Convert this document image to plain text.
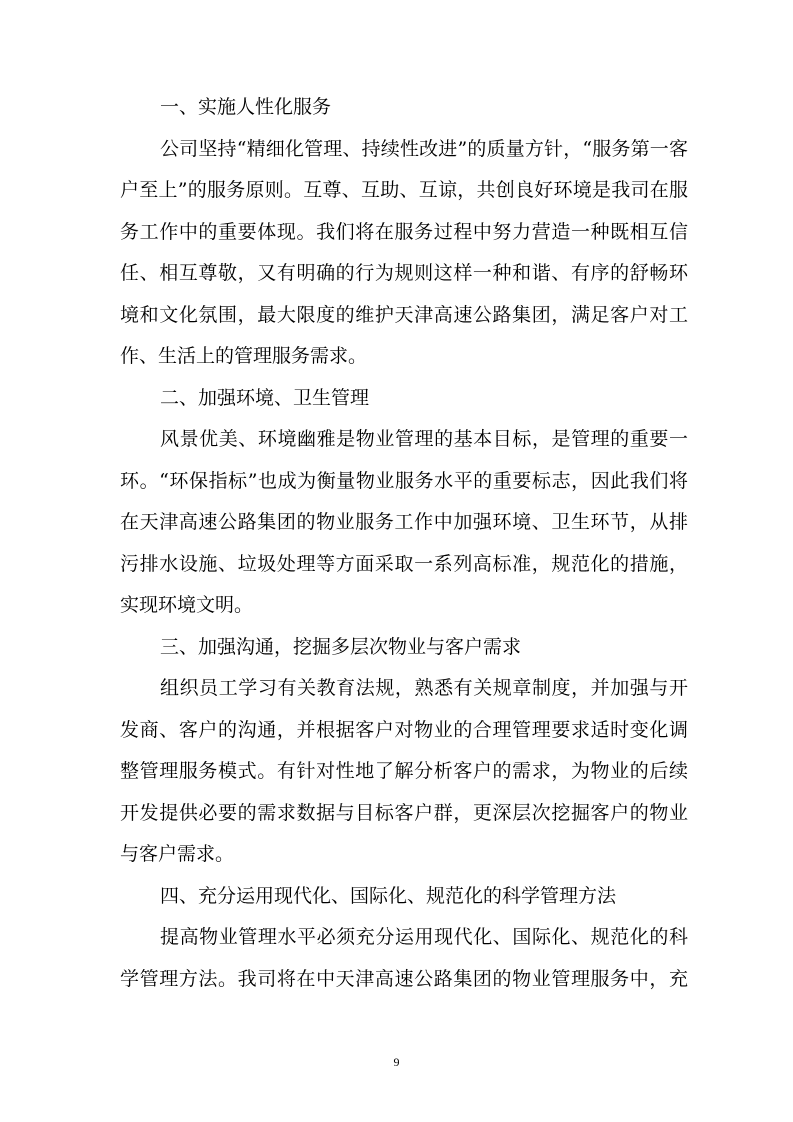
一、实施人性化服务
公司坚持“精细化管理、持续性改进”的质量方针，“服务第一客
户至上”的服务原则。互尊、互助、互谅，共创良好环境是我司在服
务工作中的重要体现。我们将在服务过程中努力营造一种既相互信
任、相互尊敬，又有明确的行为规则这样一种和谐、有序的舒畅环
境和文化氛围，最大限度的维护天津高速公路集团，满足客户对工
作、生活上的管理服务需求。
二、加强环境、卫生管理
风景优美、环境幽雅是物业管理的基本目标，是管理的重要一
环。“环保指标”也成为衡量物业服务水平的重要标志，因此我们将
在天津高速公路集团的物业服务工作中加强环境、卫生环节，从排
污排水设施、垃圾处理等方面采取一系列高标准，规范化的措施，
实现环境文明。
三、加强沟通，挖掘多层次物业与客户需求
组织员工学习有关教育法规，熟悉有关规章制度，并加强与开
发商、客户的沟通，并根据客户对物业的合理管理要求适时变化调
整管理服务模式。有针对性地了解分析客户的需求，为物业的后续
开发提供必要的需求数据与目标客户群，更深层次挖掘客户的物业
与客户需求。
四、充分运用现代化、国际化、规范化的科学管理方法
提高物业管理水平必须充分运用现代化、国际化、规范化的科
学管理方法。我司将在中天津高速公路集团的物业管理服务中，充
9
